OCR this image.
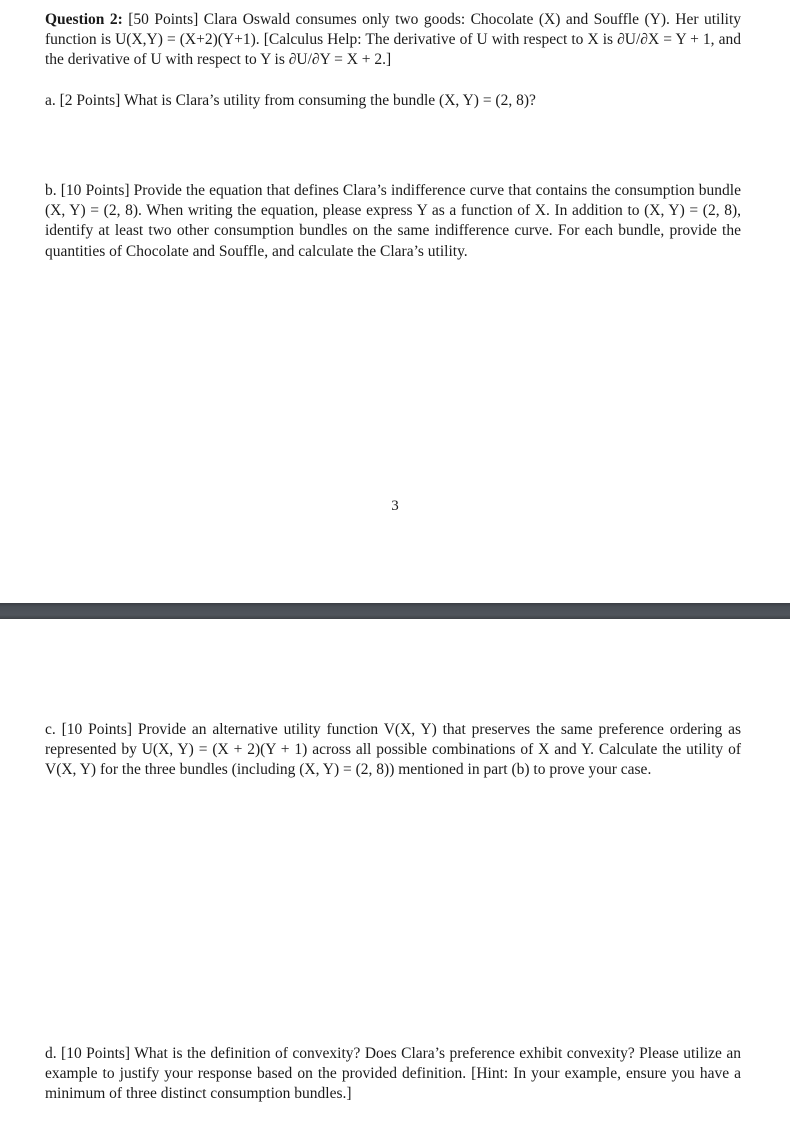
Question 2: [50 Points] Clara Oswald consumes only two goods: Chocolate (X) and Souffle (Y). Her utility function is U(X,Y) = (X+2)(Y+1). [Calculus Help: The derivative of U with respect to X is ∂U/∂X = Y + 1, and the derivative of U with respect to Y is ∂U/∂Y = X + 2.]
a. [2 Points] What is Clara’s utility from consuming the bundle (X, Y) = (2, 8)?
b. [10 Points] Provide the equation that defines Clara’s indifference curve that contains the consumption bundle (X, Y) = (2, 8). When writing the equation, please express Y as a function of X. In addition to (X, Y) = (2, 8), identify at least two other consumption bundles on the same indifference curve. For each bundle, provide the quantities of Chocolate and Souffle, and calculate the Clara’s utility.
3
c. [10 Points] Provide an alternative utility function V(X, Y) that preserves the same preference ordering as represented by U(X, Y) = (X + 2)(Y + 1) across all possible combinations of X and Y. Calculate the utility of V(X, Y) for the three bundles (including (X, Y) = (2, 8)) mentioned in part (b) to prove your case.
d. [10 Points] What is the definition of convexity? Does Clara’s preference exhibit convexity? Please utilize an example to justify your response based on the provided definition. [Hint: In your example, ensure you have a minimum of three distinct consumption bundles.]
